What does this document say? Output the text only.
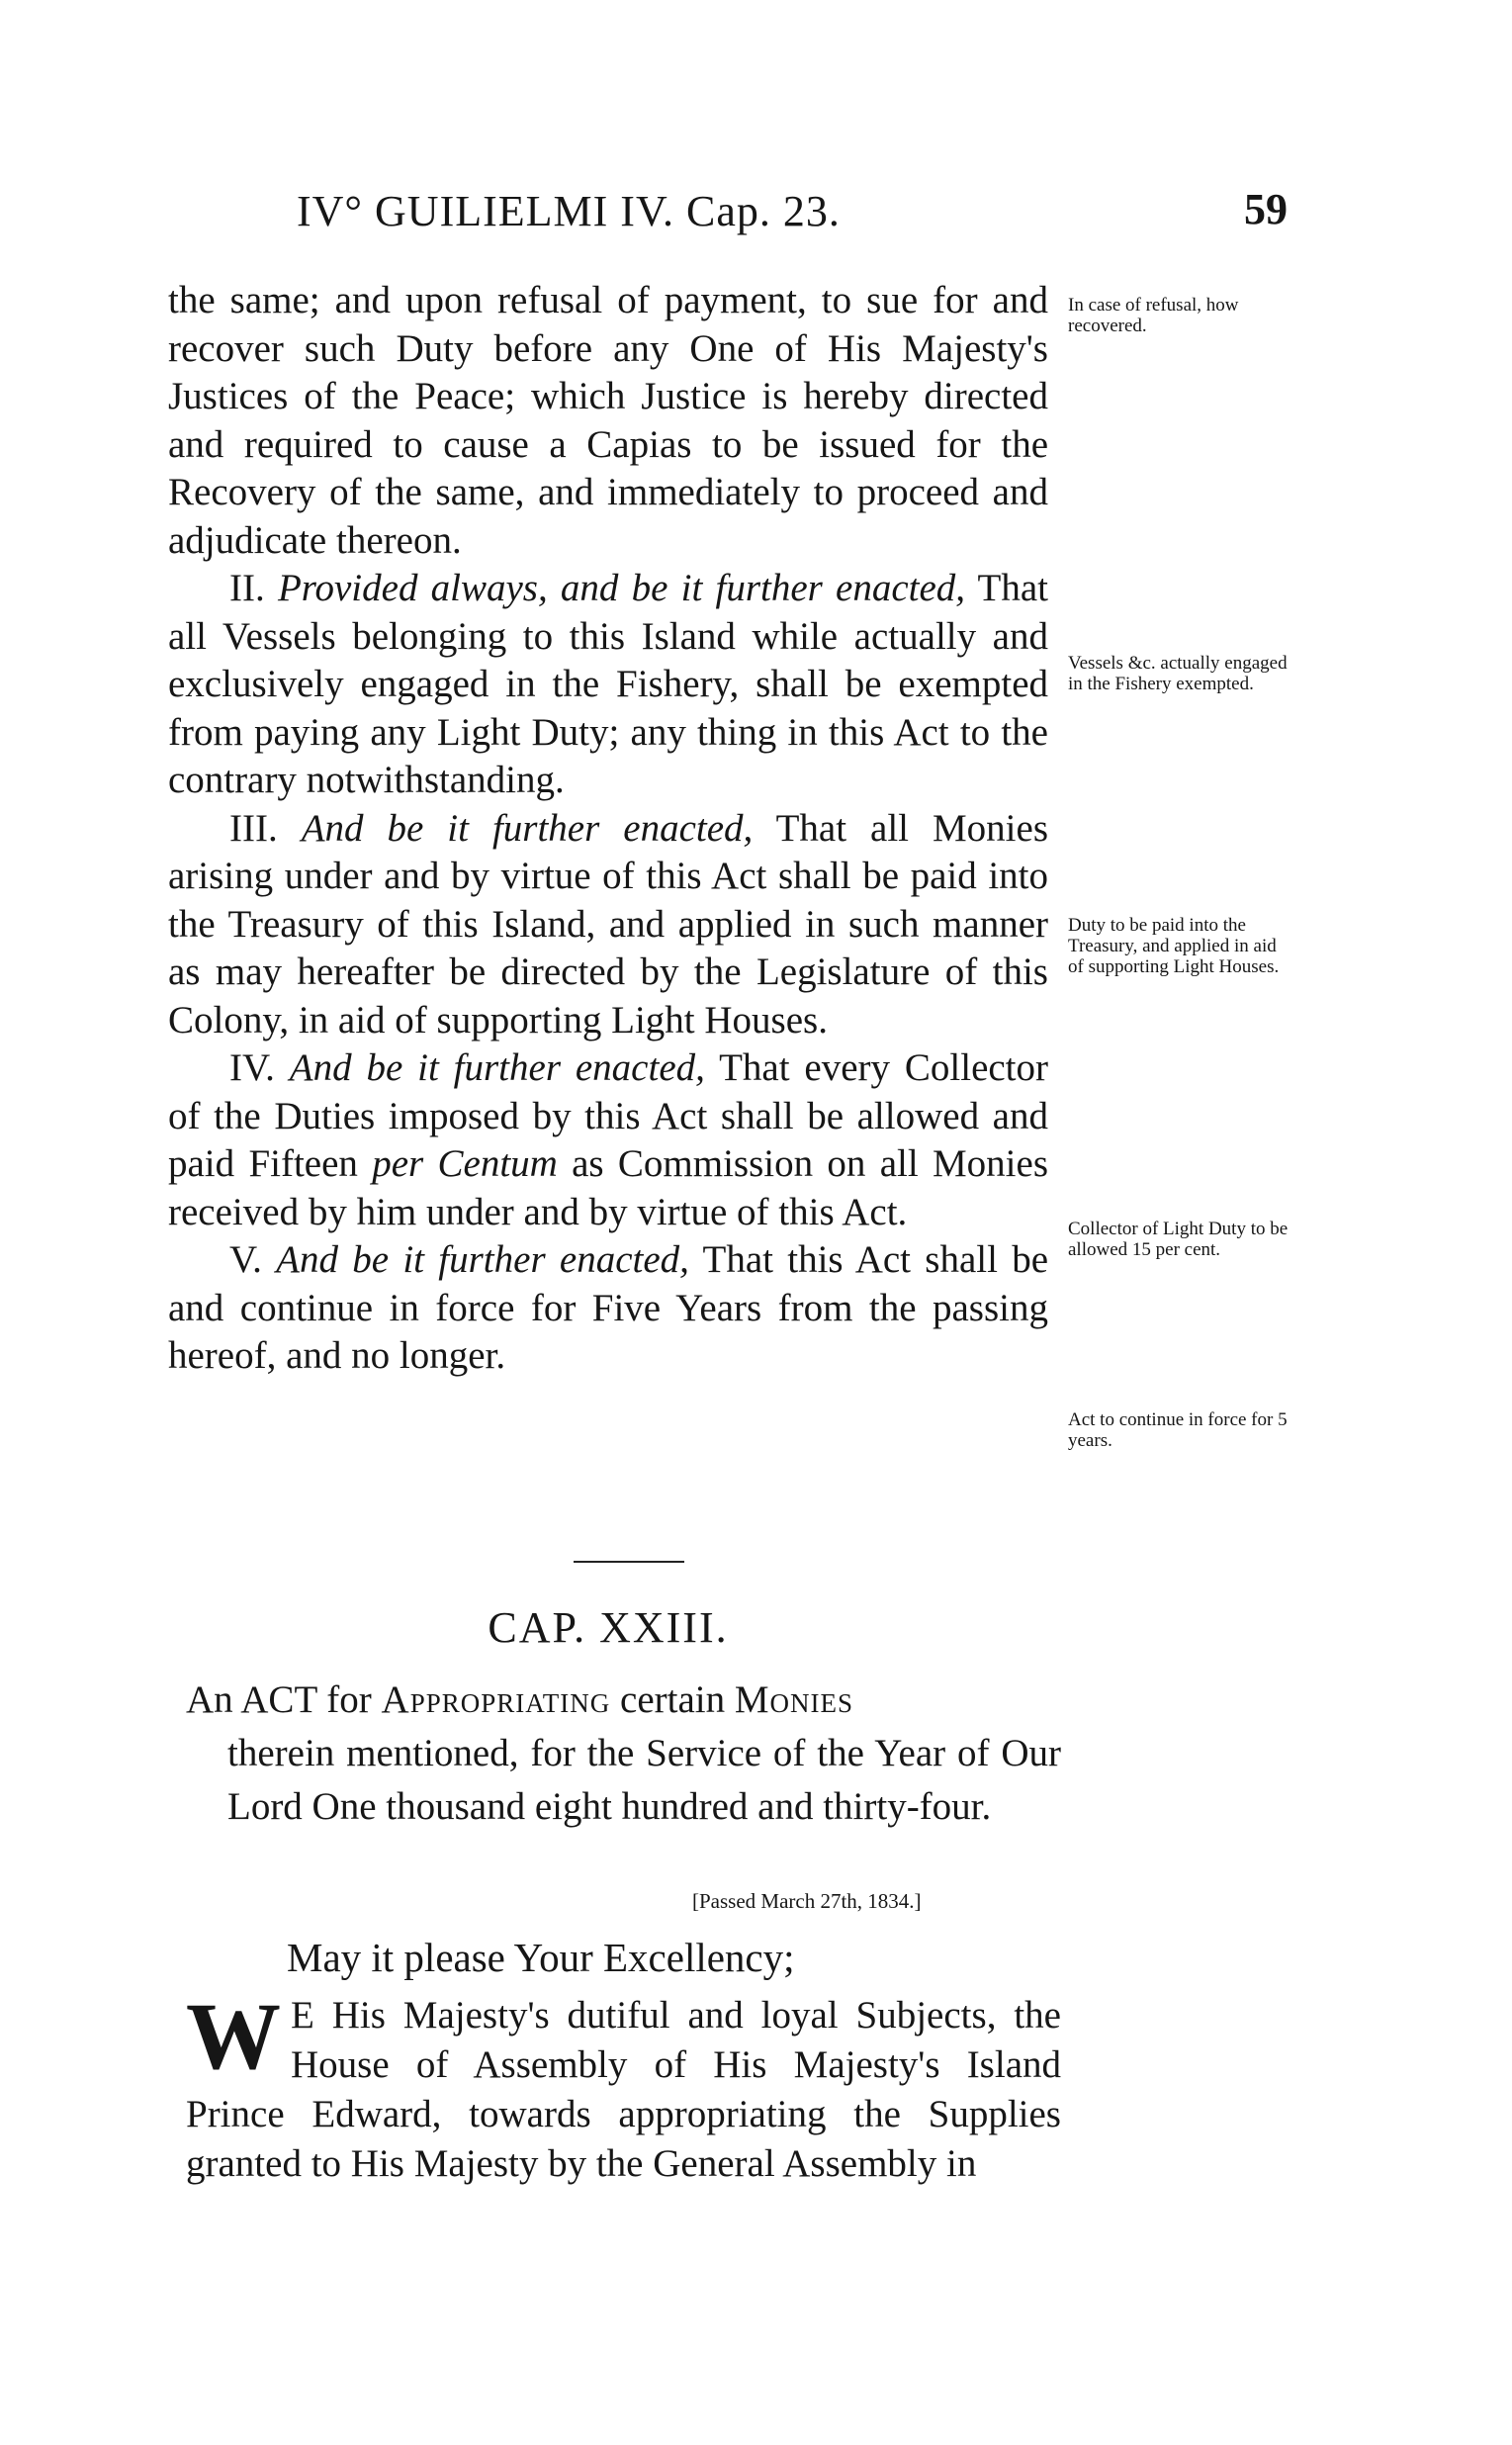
IV° GUILIELMI IV. Cap. 23.	59

the same; and upon refusal of payment, to sue for and recover such Duty before any One of His Majesty's Justices of the Peace; which Justice is hereby directed and required to cause a Capias to be issued for the Recovery of the same, and immediately to proceed and adjudicate thereon.

II. Provided always, and be it further enacted, That all Vessels belonging to this Island while actually and exclusively engaged in the Fishery, shall be exempted from paying any Light Duty; any thing in this Act to the contrary notwithstanding.

III. And be it further enacted, That all Monies arising under and by virtue of this Act shall be paid into the Treasury of this Island, and applied in such manner as may hereafter be directed by the Legislature of this Colony, in aid of supporting Light Houses.

IV. And be it further enacted, That every Collector of the Duties imposed by this Act shall be allowed and paid Fifteen per Centum as Commission on all Monies received by him under and by virtue of this Act.

V. And be it further enacted, That this Act shall be and continue in force for Five Years from the passing hereof, and no longer.

In case of refusal, how recovered.
Vessels &c. actually engaged in the Fishery exempted.
Duty to be paid into the Treasury, and applied in aid of supporting Light Houses.
Collector of Light Duty to be allowed 15 per cent.
Act to continue in force for 5 years.
CAP. XXIII.
An ACT for Appropriating certain Monies
therein mentioned, for the Service of the Year of Our Lord One thousand eight hundred and thirty-four.
[Passed March 27th, 1834.]
May it please Your Excellency;
W E His Majesty's dutiful and loyal Subjects, the House of Assembly of His Majesty's Island Prince Edward, towards appropriating the Supplies granted to His Majesty by the General Assembly in
